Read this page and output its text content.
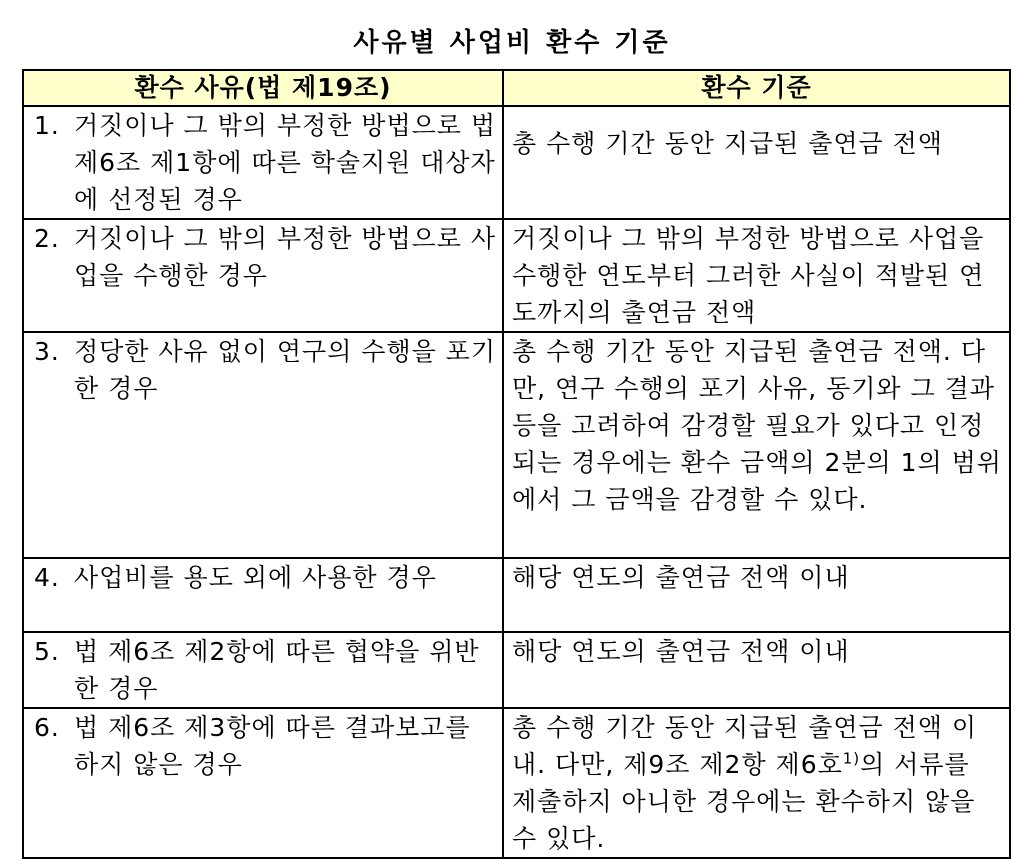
사유별 사업비 환수 기준
환수 사유(법 제19조)	환수 기준

1. 거짓이나 그 밖의 부정한 방법으로 법 제6조 제1항에 따른 학술지원 대상자에 선정된 경우	총 수행 기간 동안 지급된 출연금 전액

2. 거짓이나 그 밖의 부정한 방법으로 사업을 수행한 경우	거짓이나 그 밖의 부정한 방법으로 사업을 수행한 연도부터 그러한 사실이 적발된 연도까지의 출연금 전액

3. 정당한 사유 없이 연구의 수행을 포기한 경우	총 수행 기간 동안 지급된 출연금 전액. 다만, 연구 수행의 포기 사유, 동기와 그 결과 등을 고려하여 감경할 필요가 있다고 인정되는 경우에는 환수 금액의 2분의 1의 범위에서 그 금액을 감경할 수 있다.

4. 사업비를 용도 외에 사용한 경우	해당 연도의 출연금 전액 이내

5. 법 제6조 제2항에 따른 협약을 위반한 경우	해당 연도의 출연금 전액 이내

6. 법 제6조 제3항에 따른 결과보고를 하지 않은 경우	총 수행 기간 동안 지급된 출연금 전액 이내. 다만, 제9조 제2항 제6호$^{1)}$의 서류를 제출하지 아니한 경우에는 환수하지 않을 수 있다.
